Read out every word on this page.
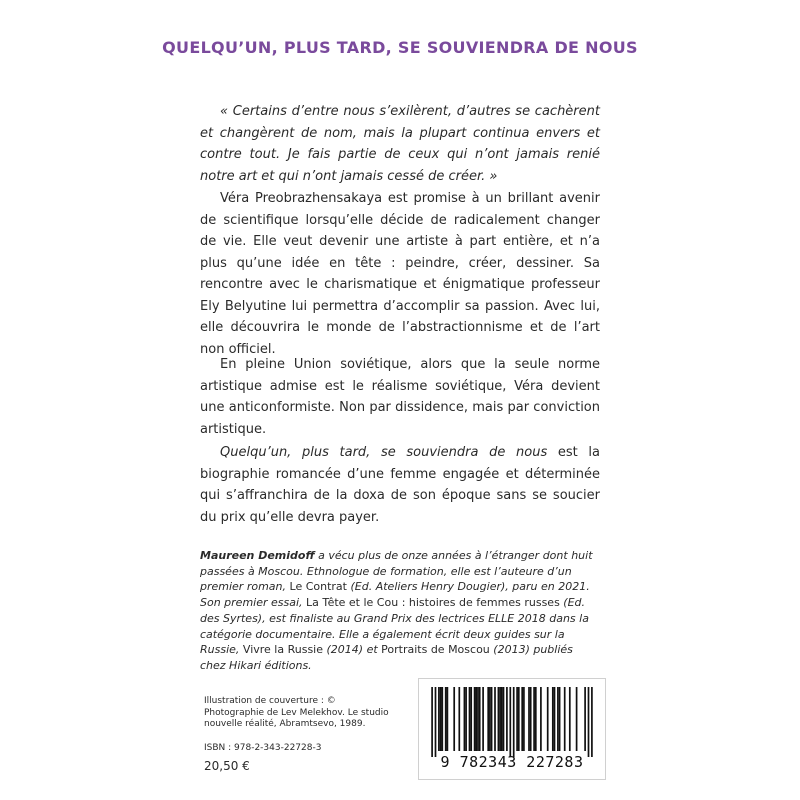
QUELQU’UN, PLUS TARD, SE SOUVIENDRA DE NOUS

« Certains d’entre nous s’exilèrent, d’autres se cachèrent et changèrent de nom, mais la plupart continua envers et contre tout. Je fais partie de ceux qui n’ont jamais renié notre art et qui n’ont jamais cessé de créer. »

Véra Preobrazhensakaya est promise à un brillant avenir de scientifique lorsqu’elle décide de radicalement changer de vie. Elle veut devenir une artiste à part entière, et n’a plus qu’une idée en tête : peindre, créer, dessiner. Sa rencontre avec le charismatique et énigmatique professeur Ely Belyutine lui permettra d’accomplir sa passion. Avec lui, elle découvrira le monde de l’abstractionnisme et de l’art non officiel.

En pleine Union soviétique, alors que la seule norme artistique admise est le réalisme soviétique, Véra devient une anticonformiste. Non par dissidence, mais par conviction artistique.

Quelqu’un, plus tard, se souviendra de nous est la biographie romancée d’une femme engagée et déterminée qui s’affranchira de la doxa de son époque sans se soucier du prix qu’elle devra payer.

Maureen Demidoff a vécu plus de onze années à l’étranger dont huit passées à Moscou. Ethnologue de formation, elle est l’auteure d’un premier roman, Le Contrat (Ed. Ateliers Henry Dougier), paru en 2021. Son premier essai, La Tête et le Cou : histoires de femmes russes (Ed. des Syrtes), est finaliste au Grand Prix des lectrices ELLE 2018 dans la catégorie documentaire. Elle a également écrit deux guides sur la Russie, Vivre la Russie (2014) et Portraits de Moscou (2013) publiés chez Hikari éditions.

Illustration de couverture : © Photographie de Lev Melekhov. Le studio nouvelle réalité, Abramtsevo, 1989.

ISBN : 978-2-343-22728-3
20,50 €	9 782343 227283
